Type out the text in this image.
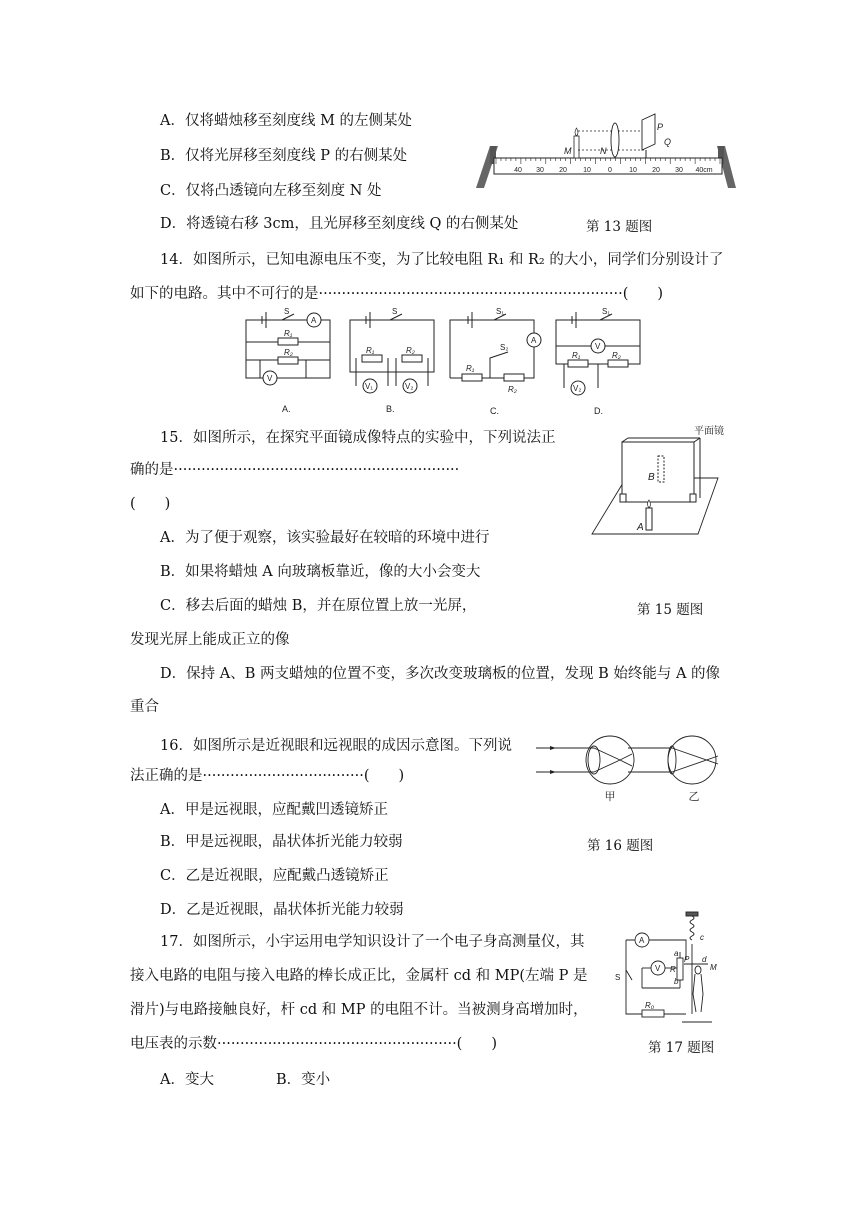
A．仅将蜡烛移至刻度线 M 的左侧某处
B．仅将光屏移至刻度线 P 的右侧某处
C．仅将凸透镜向左移至刻度 N 处
D．将透镜右移 3cm，且光屏移至刻度线 Q 的右侧某处	第 13 题图
40 30 20 10 0 10 20 30 40cm
M	N
P
Q
14．如图所示，已知电源电压不变，为了比较电阻 R₁ 和 R₂ 的大小，同学们分别设计了
如下的电路。其中不可行的是··································································(　　)
S
A
R₁
R₂
V
S
R₁	R₂
V₁	V₂
S₁
A
S₂
R₁
R₂
S₁
V
R₁	R₂
V₂
A.	B.	C.	D.
15．如图所示，在探究平面镜成像特点的实验中，下列说法正
确的是······························································
(　　)
A．为了便于观察，该实验最好在较暗的环境中进行
B．如果将蜡烛 A 向玻璃板靠近，像的大小会变大
C．移去后面的蜡烛 B，并在原位置上放一光屏，
发现光屏上能成正立的像
D．保持 A、B 两支蜡烛的位置不变，多次改变玻璃板的位置，发现 B 始终能与 A 的像
重合
第 15 题图
平面镜
A
B
16．如图所示是近视眼和远视眼的成因示意图。下列说
法正确的是···································(　　)
A．甲是远视眼，应配戴凹透镜矫正
B．甲是远视眼，晶状体折光能力较弱
C．乙是近视眼，应配戴凸透镜矫正
D．乙是近视眼，晶状体折光能力较弱
第 16 题图
甲	乙
17．如图所示，小宇运用电学知识设计了一个电子身高测量仪，其
接入电路的电阻与接入电路的棒长成正比，金属杆 cd 和 MP(左端 P 是
滑片)与电路接触良好，杆 cd 和 MP 的电阻不计。当被测身高增加时，
电压表的示数····················································(　　)
A．变大	B．变小
第 17 题图
A
V
S
R₀
R
a
b
c
d
P
M
